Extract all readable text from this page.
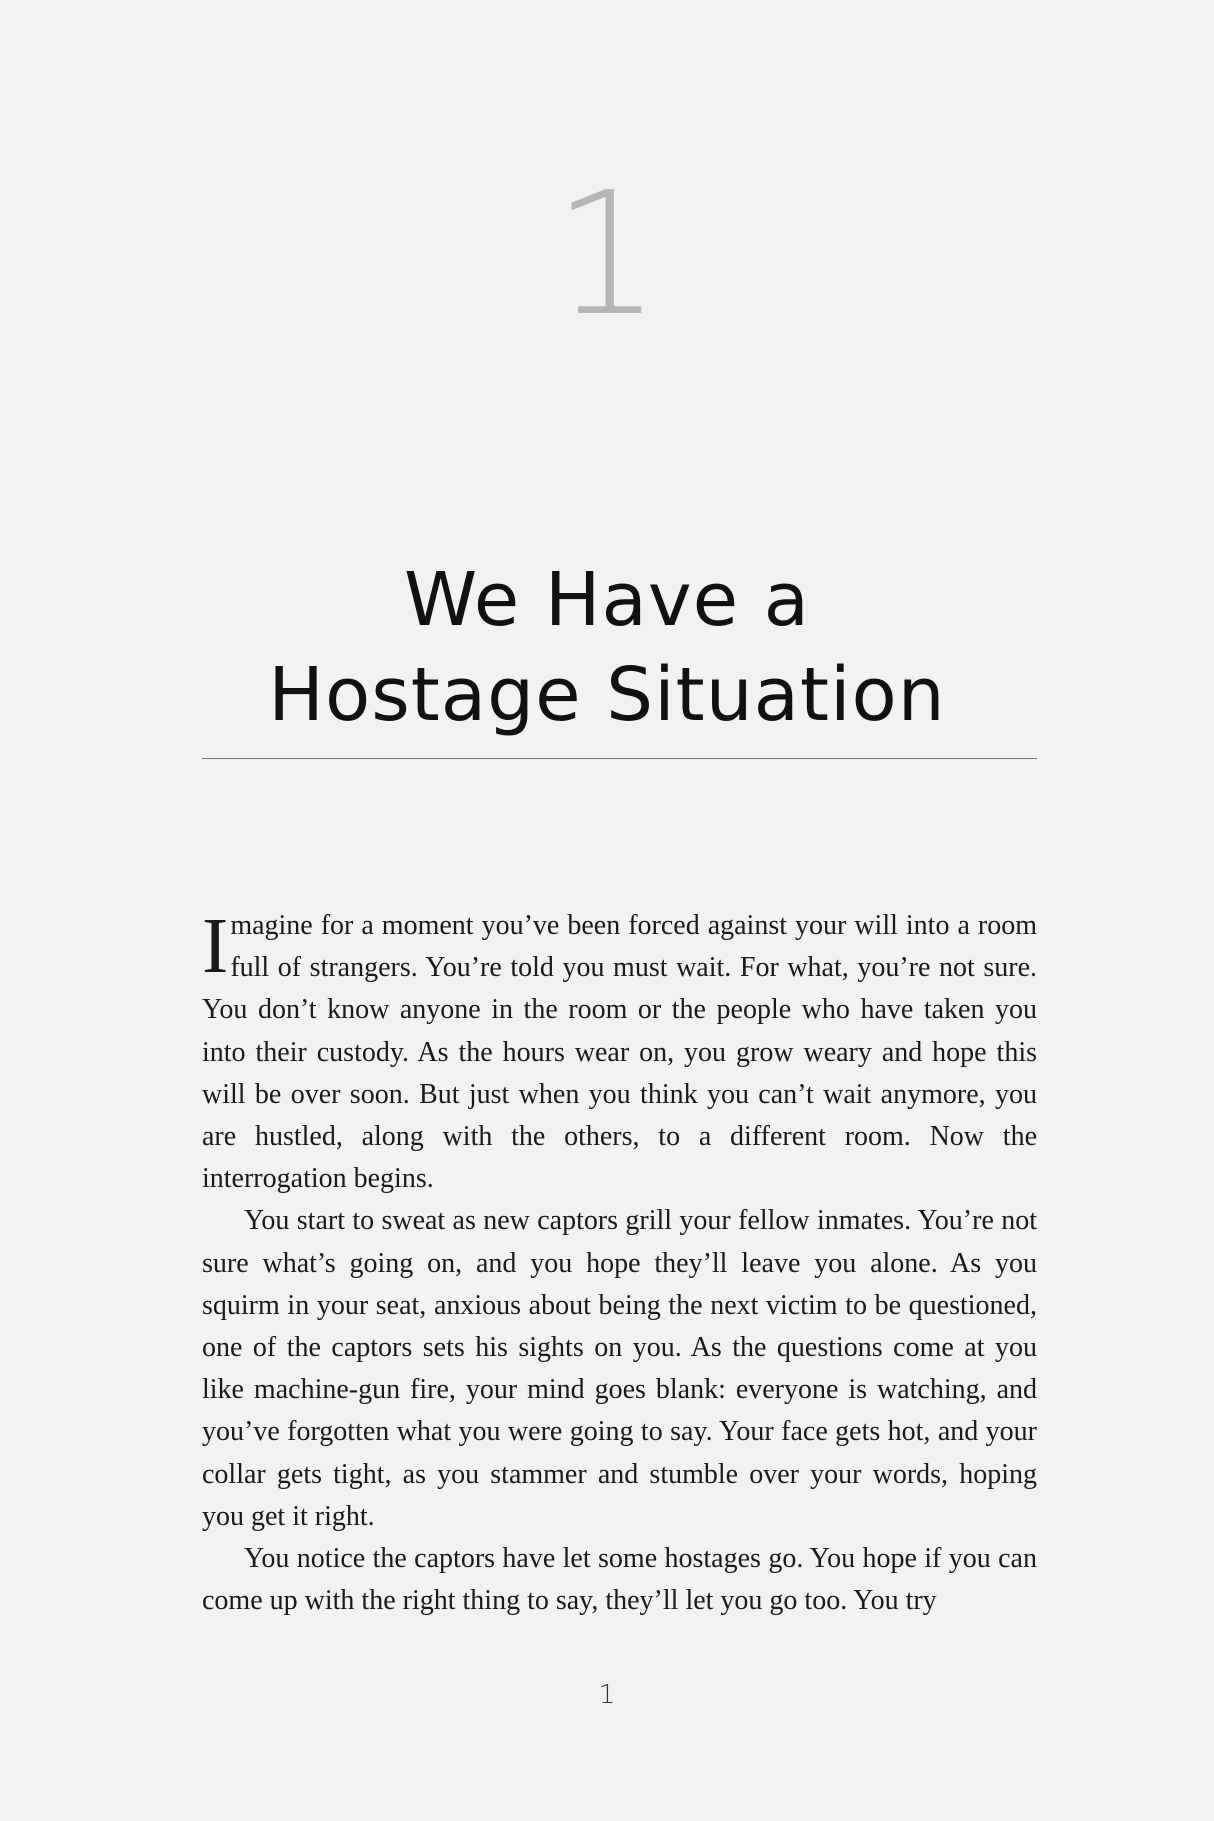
1
We Have a
Hostage Situation

Imagine for a moment you’ve been forced against your will into a room full of strangers. You’re told you must wait. For what, you’re not sure. You don’t know anyone in the room or the people who have taken you into their custody. As the hours wear on, you grow weary and hope this will be over soon. But just when you think you can’t wait anymore, you are hustled, along with the others, to a different room. Now the interrogation begins.

You start to sweat as new captors grill your fellow inmates. You’re not sure what’s going on, and you hope they’ll leave you alone. As you squirm in your seat, anxious about being the next victim to be questioned, one of the captors sets his sights on you. As the questions come at you like machine-gun fire, your mind goes blank: everyone is watching, and you’ve forgotten what you were going to say. Your face gets hot, and your collar gets tight, as you stammer and stumble over your words, hoping you get it right.

You notice the captors have let some hostages go. You hope if you can come up with the right thing to say, they’ll let you go too. You try

1
